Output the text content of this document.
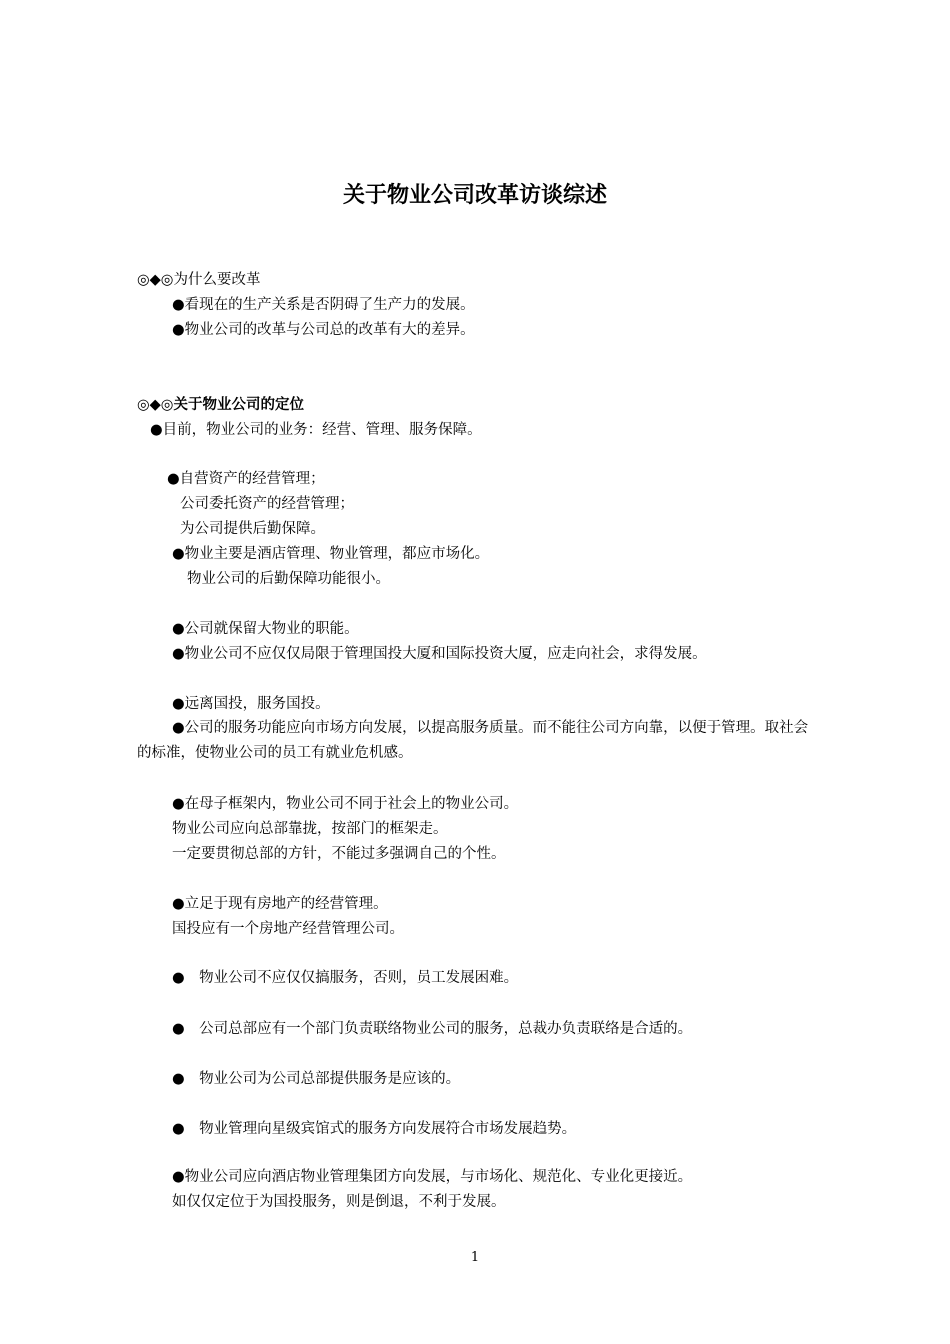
关于物业公司改革访谈综述
◎◆◎为什么要改革
●看现在的生产关系是否阴碍了生产力的发展。
●物业公司的改革与公司总的改革有大的差异。
◎◆◎关于物业公司的定位
●目前，物业公司的业务：经营、管理、服务保障。
●自营资产的经营管理；
公司委托资产的经营管理；
为公司提供后勤保障。
●物业主要是酒店管理、物业管理，都应市场化。
物业公司的后勤保障功能很小。
●公司就保留大物业的职能。
●物业公司不应仅仅局限于管理国投大厦和国际投资大厦，应走向社会，求得发展。
●远离国投，服务国投。
●公司的服务功能应向市场方向发展，以提高服务质量。而不能往公司方向靠，以便于管理。取社会的标准，使物业公司的员工有就业危机感。
●在母子框架内，物业公司不同于社会上的物业公司。
物业公司应向总部靠拢，按部门的框架走。
一定要贯彻总部的方针，不能过多强调自己的个性。
●立足于现有房地产的经营管理。
国投应有一个房地产经营管理公司。
●　物业公司不应仅仅搞服务，否则，员工发展困难。
●　公司总部应有一个部门负责联络物业公司的服务，总裁办负责联络是合适的。
●　物业公司为公司总部提供服务是应该的。
●　物业管理向星级宾馆式的服务方向发展符合市场发展趋势。
●物业公司应向酒店物业管理集团方向发展，与市场化、规范化、专业化更接近。
如仅仅定位于为国投服务，则是倒退，不利于发展。
1
